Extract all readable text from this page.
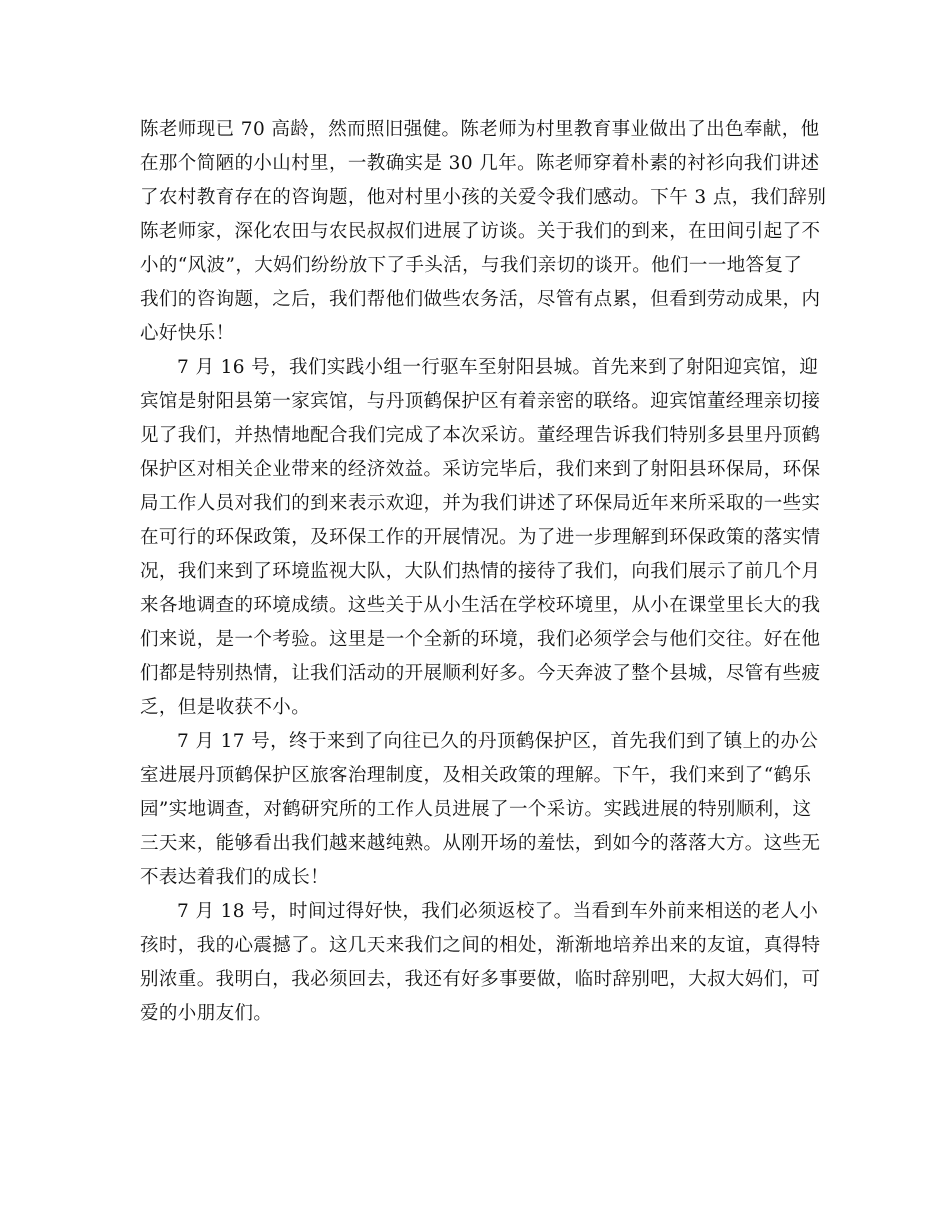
陈老师现已 70 高龄，然而照旧强健。陈老师为村里教育事业做出了出色奉献，他
在那个简陋的小山村里，一教确实是 30 几年。陈老师穿着朴素的衬衫向我们讲述
了农村教育存在的咨询题，他对村里小孩的关爱令我们感动。下午 3 点，我们辞别
陈老师家，深化农田与农民叔叔们进展了访谈。关于我们的到来，在田间引起了不
小的“风波”，大妈们纷纷放下了手头活，与我们亲切的谈开。他们一一地答复了
我们的咨询题，之后，我们帮他们做些农务活，尽管有点累，但看到劳动成果，内
心好快乐！
7 月 16 号，我们实践小组一行驱车至射阳县城。首先来到了射阳迎宾馆，迎
宾馆是射阳县第一家宾馆，与丹顶鹤保护区有着亲密的联络。迎宾馆董经理亲切接
见了我们，并热情地配合我们完成了本次采访。董经理告诉我们特别多县里丹顶鹤
保护区对相关企业带来的经济效益。采访完毕后，我们来到了射阳县环保局，环保
局工作人员对我们的到来表示欢迎，并为我们讲述了环保局近年来所采取的一些实
在可行的环保政策，及环保工作的开展情况。为了进一步理解到环保政策的落实情
况，我们来到了环境监视大队，大队们热情的接待了我们，向我们展示了前几个月
来各地调查的环境成绩。这些关于从小生活在学校环境里，从小在课堂里长大的我
们来说，是一个考验。这里是一个全新的环境，我们必须学会与他们交往。好在他
们都是特别热情，让我们活动的开展顺利好多。今天奔波了整个县城，尽管有些疲
乏，但是收获不小。
7 月 17 号，终于来到了向往已久的丹顶鹤保护区，首先我们到了镇上的办公
室进展丹顶鹤保护区旅客治理制度，及相关政策的理解。下午，我们来到了“鹤乐
园”实地调查，对鹤研究所的工作人员进展了一个采访。实践进展的特别顺利，这
三天来，能够看出我们越来越纯熟。从刚开场的羞怯，到如今的落落大方。这些无
不表达着我们的成长！
7 月 18 号，时间过得好快，我们必须返校了。当看到车外前来相送的老人小
孩时，我的心震撼了。这几天来我们之间的相处，渐渐地培养出来的友谊，真得特
别浓重。我明白，我必须回去，我还有好多事要做，临时辞别吧，大叔大妈们，可
爱的小朋友们。
